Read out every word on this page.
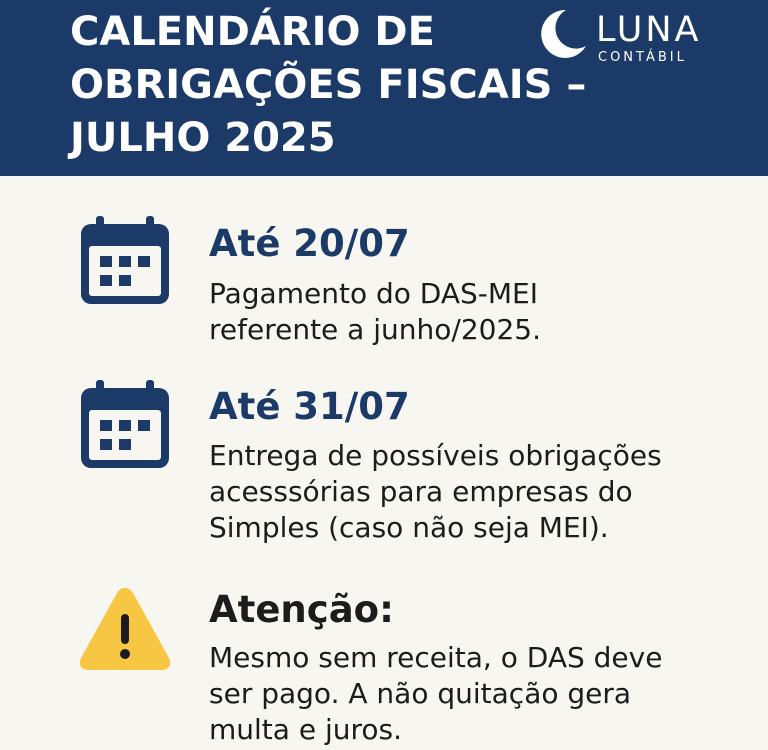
CALENDÁRIO DE
OBRIGAÇÕES FISCAIS –
JULHO 2025
LUNA
CONTÁBIL
Até 20/07
Pagamento do DAS-MEI
referente a junho/2025.
Até 31/07
Entrega de possíveis obrigações
acesssórias para empresas do
Simples (caso não seja MEI).
Atenção:
Mesmo sem receita, o DAS deve
ser pago. A não quitação gera
multa e juros.
